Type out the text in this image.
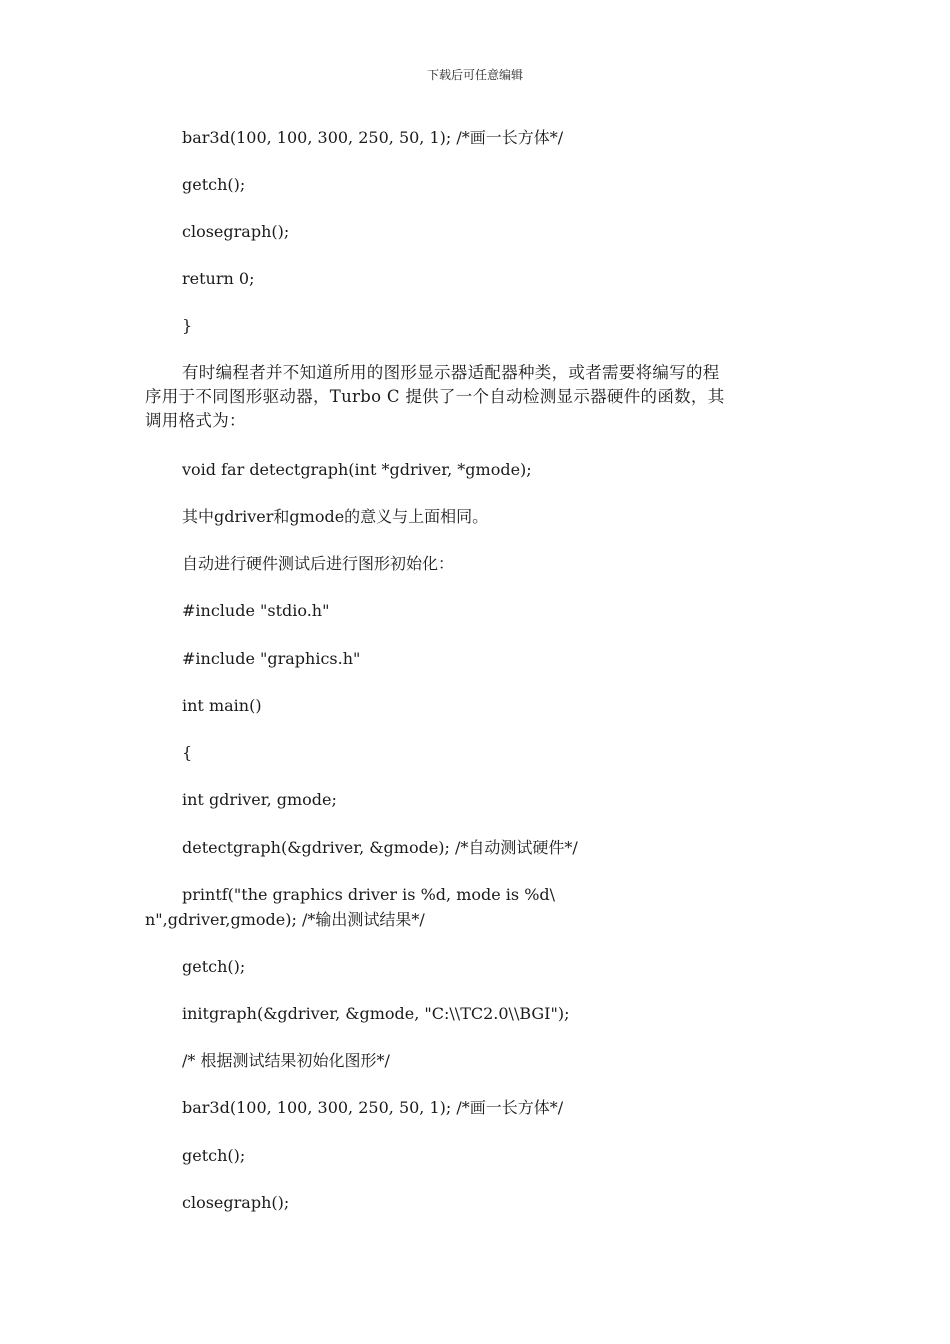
下载后可任意编辑
bar3d(100, 100, 300, 250, 50, 1); /*画一长方体*/
getch();
closegraph();
return 0;
}
有时编程者并不知道所用的图形显示器适配器种类，或者需要将编写的程
序用于不同图形驱动器，Turbo C 提供了一个自动检测显示器硬件的函数，其
调用格式为：
void far detectgraph(int *gdriver, *gmode);
其中gdriver和gmode的意义与上面相同。
自动进行硬件测试后进行图形初始化：
#include "stdio.h"
#include "graphics.h"
int main()
{
int gdriver, gmode;
detectgraph(&gdriver, &gmode); /*自动测试硬件*/
printf("the graphics driver is %d, mode is %d\
n",gdriver,gmode); /*输出测试结果*/
getch();
initgraph(&gdriver, &gmode, "C:\\TC2.0\\BGI");
/* 根据测试结果初始化图形*/
bar3d(100, 100, 300, 250, 50, 1); /*画一长方体*/
getch();
closegraph();
